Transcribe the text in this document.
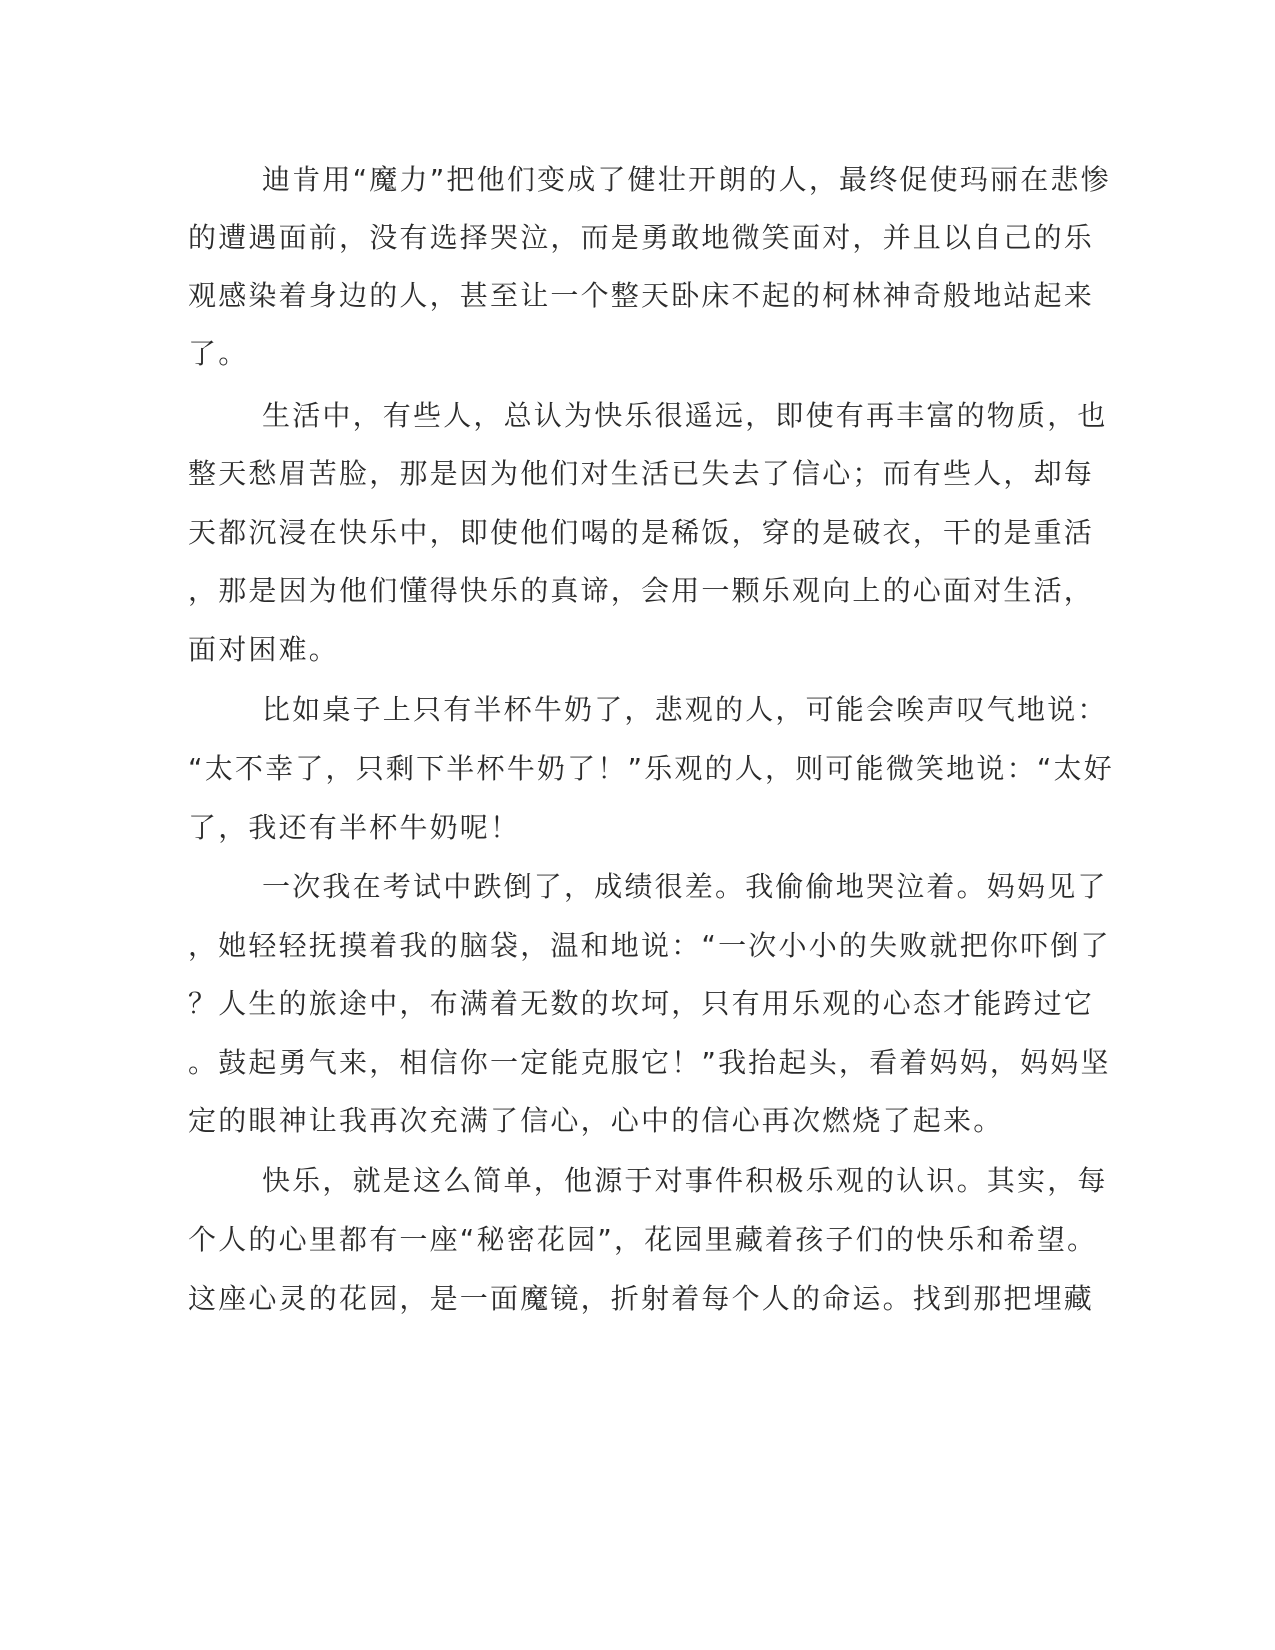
迪肯用“魔力”把他们变成了健壮开朗的人，最终促使玛丽在悲惨
的遭遇面前，没有选择哭泣，而是勇敢地微笑面对，并且以自己的乐
观感染着身边的人，甚至让一个整天卧床不起的柯林神奇般地站起来
了。
生活中，有些人，总认为快乐很遥远，即使有再丰富的物质，也
整天愁眉苦脸，那是因为他们对生活已失去了信心；而有些人，却每
天都沉浸在快乐中，即使他们喝的是稀饭，穿的是破衣，干的是重活
，那是因为他们懂得快乐的真谛，会用一颗乐观向上的心面对生活，
面对困难。
比如桌子上只有半杯牛奶了，悲观的人，可能会唉声叹气地说：
“太不幸了，只剩下半杯牛奶了！”乐观的人，则可能微笑地说：“太好
了，我还有半杯牛奶呢！
一次我在考试中跌倒了，成绩很差。我偷偷地哭泣着。妈妈见了
，她轻轻抚摸着我的脑袋，温和地说：“一次小小的失败就把你吓倒了
？人生的旅途中，布满着无数的坎坷，只有用乐观的心态才能跨过它
。鼓起勇气来，相信你一定能克服它！”我抬起头，看着妈妈，妈妈坚
定的眼神让我再次充满了信心，心中的信心再次燃烧了起来。
快乐，就是这么简单，他源于对事件积极乐观的认识。其实，每
个人的心里都有一座“秘密花园”，花园里藏着孩子们的快乐和希望。
这座心灵的花园，是一面魔镜，折射着每个人的命运。找到那把埋藏
